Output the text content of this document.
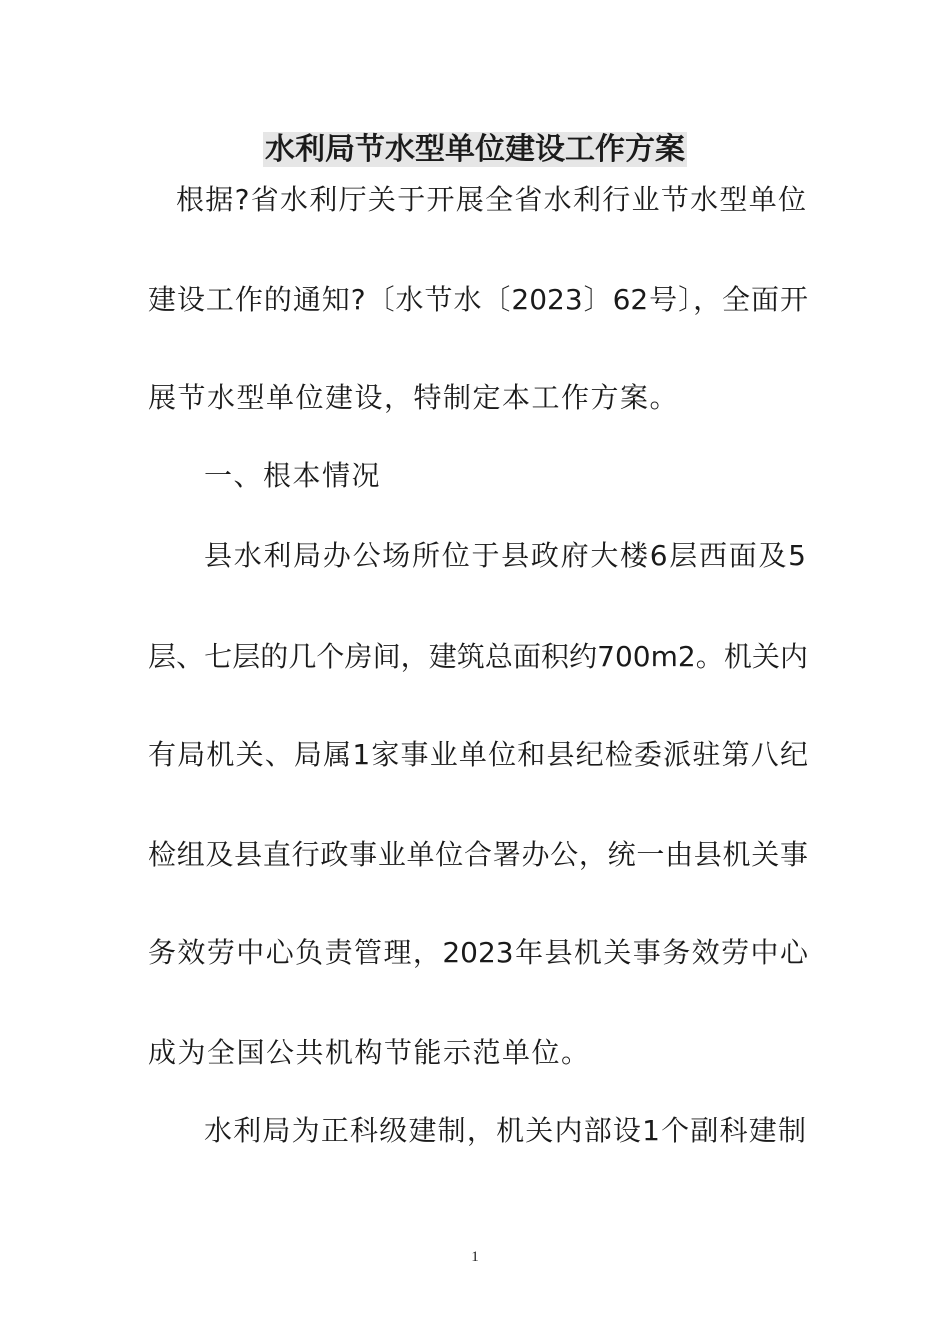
水利局节水型单位建设工作方案
根据?省水利厅关于开展全省水利行业节水型单位
建设工作的通知?〔水节水〔2023〕62号〕，全面开
展节水型单位建设，特制定本工作方案。
一、根本情况
县水利局办公场所位于县政府大楼6层西面及5
层、七层的几个房间，建筑总面积约700m2。机关内
有局机关、局属1家事业单位和县纪检委派驻第八纪
检组及县直行政事业单位合署办公，统一由县机关事
务效劳中心负责管理，2023年县机关事务效劳中心
成为全国公共机构节能示范单位。
水利局为正科级建制，机关内部设1个副科建制
1
